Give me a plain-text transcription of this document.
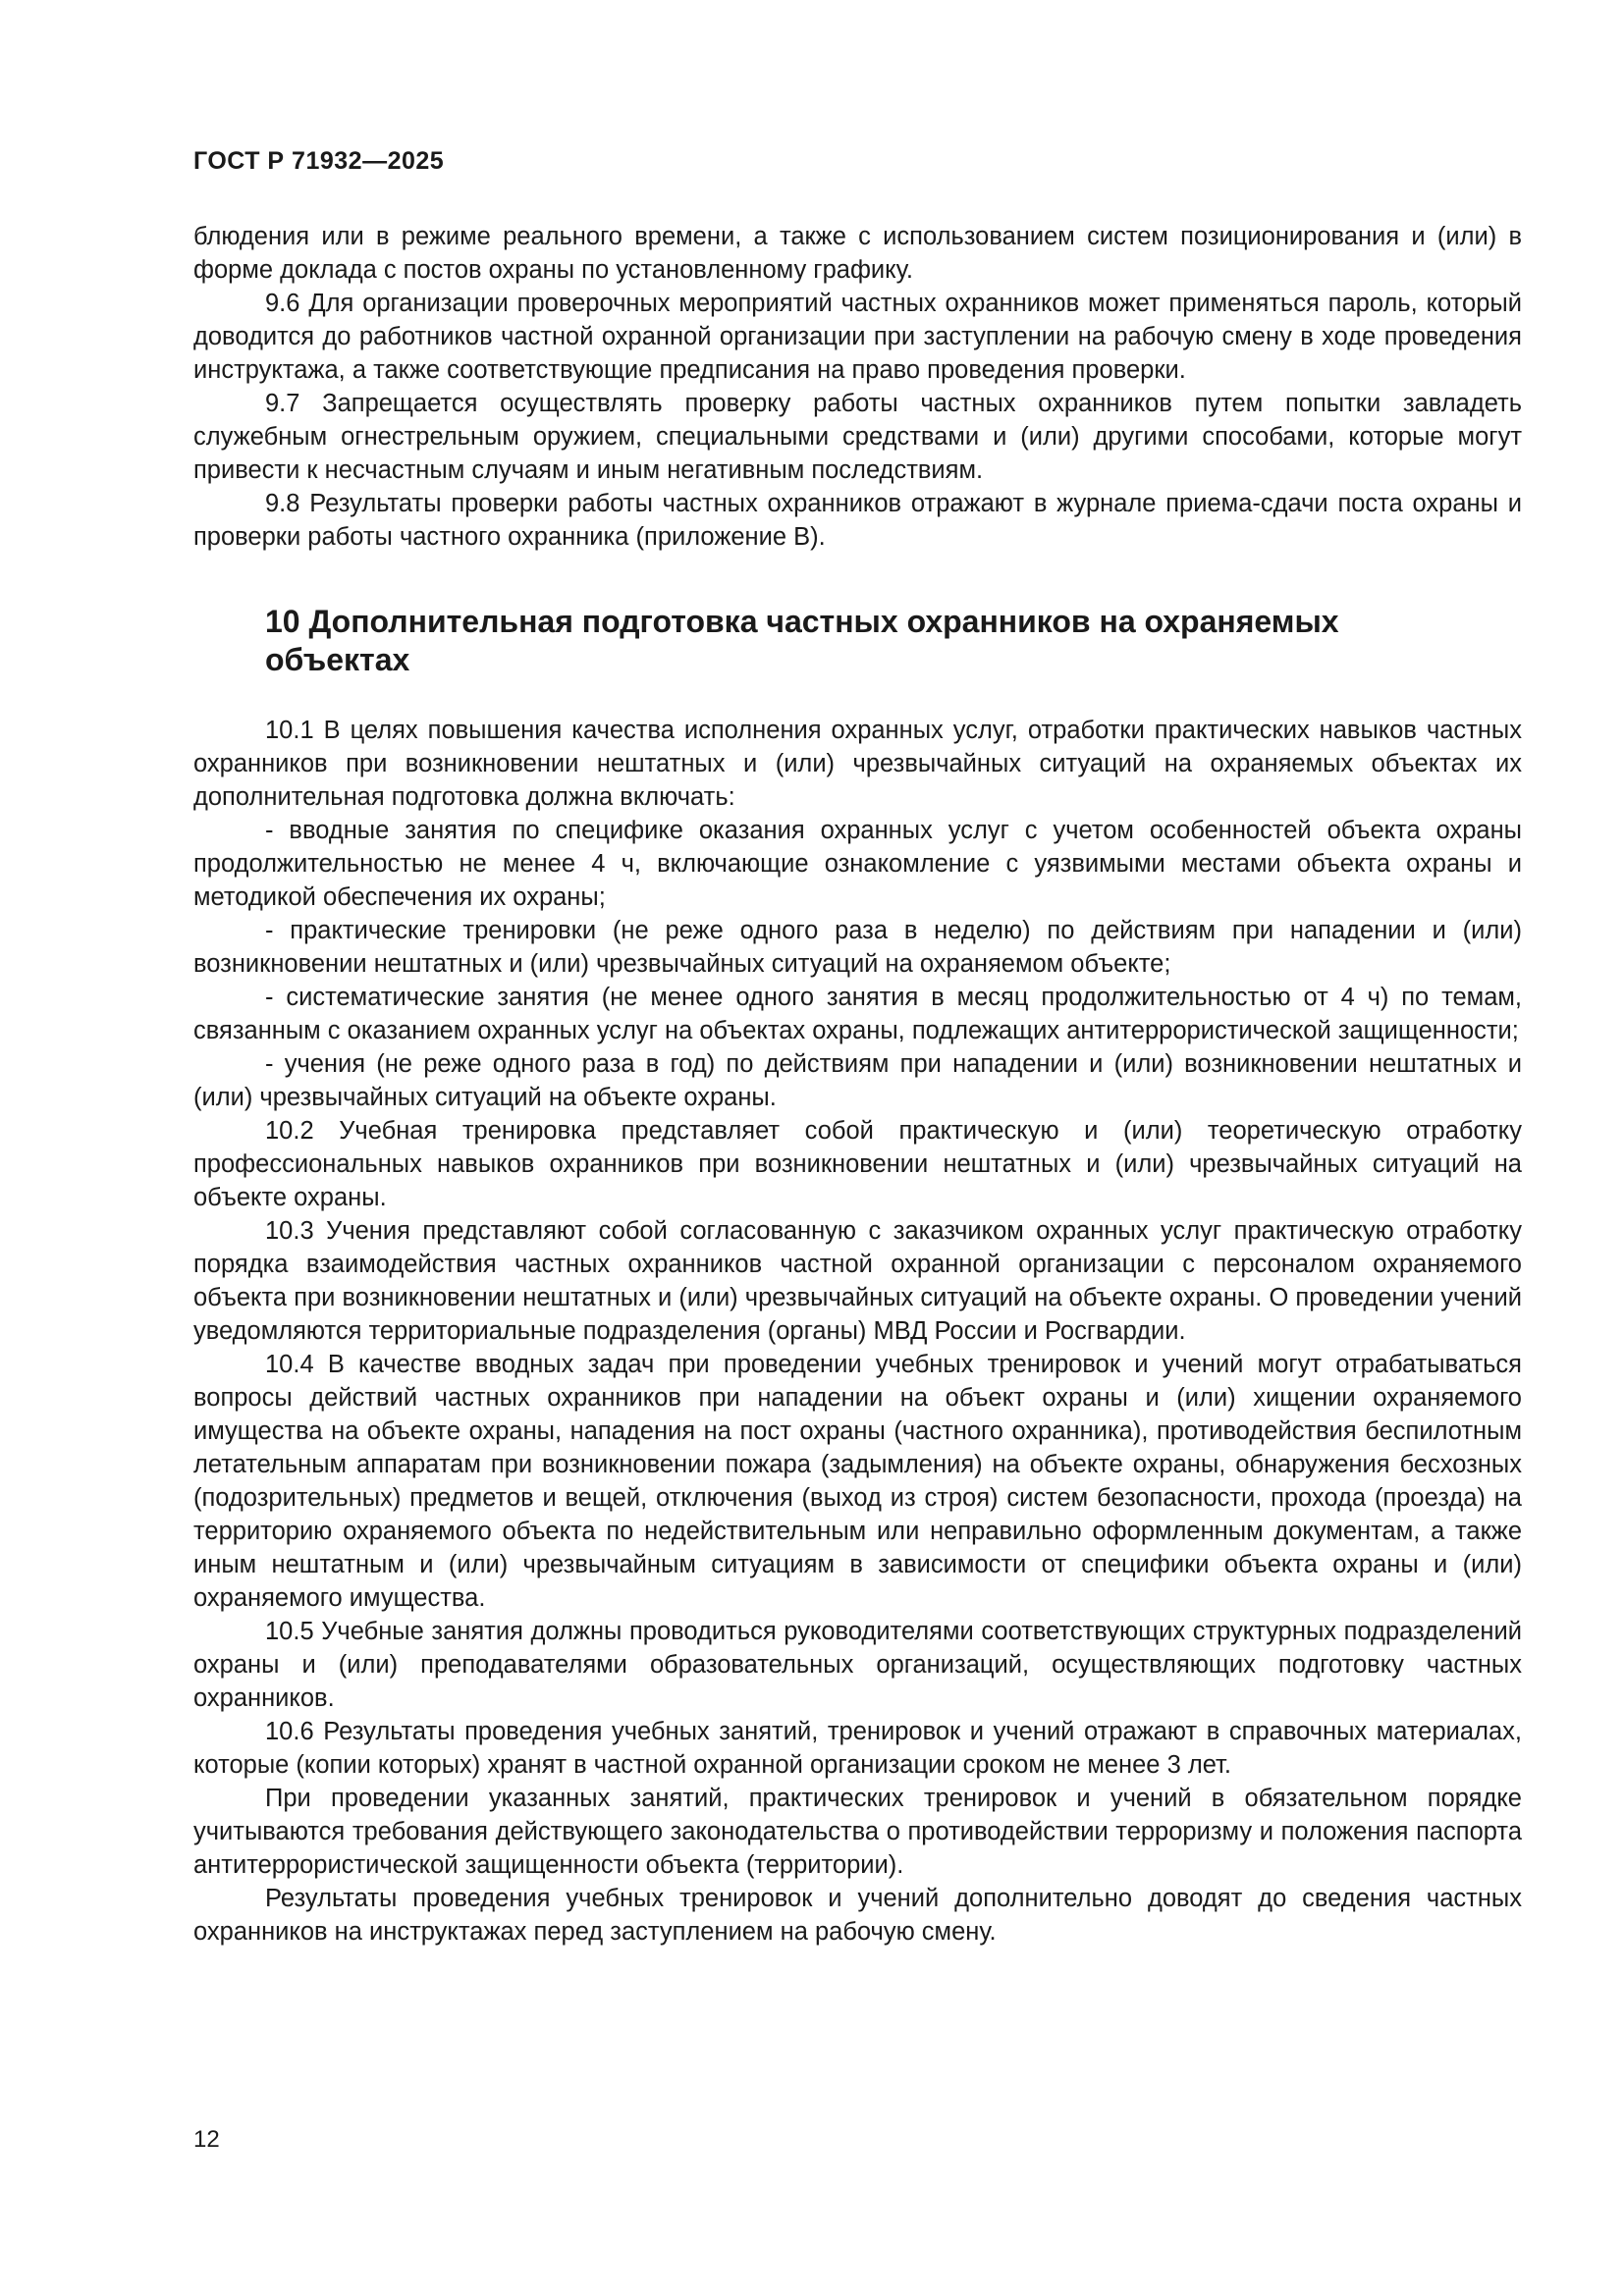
ГОСТ Р 71932—2025

блюдения или в режиме реального времени, а также с использованием систем позиционирования и (или) в форме доклада с постов охраны по установленному графику.

9.6 Для организации проверочных мероприятий частных охранников может применяться пароль, который доводится до работников частной охранной организации при заступлении на рабочую смену в ходе проведения инструктажа, а также соответствующие предписания на право проведения проверки.

9.7 Запрещается осуществлять проверку работы частных охранников путем попытки завладеть служебным огнестрельным оружием, специальными средствами и (или) другими способами, которые могут привести к несчастным случаям и иным негативным последствиям.

9.8 Результаты проверки работы частных охранников отражают в журнале приема-сдачи поста охраны и проверки работы частного охранника (приложение В).

10 Дополнительная подготовка частных охранников на охраняемых объектах

10.1 В целях повышения качества исполнения охранных услуг, отработки практических навыков частных охранников при возникновении нештатных и (или) чрезвычайных ситуаций на охраняемых объектах их дополнительная подготовка должна включать:

- вводные занятия по специфике оказания охранных услуг с учетом особенностей объекта охраны продолжительностью не менее 4 ч, включающие ознакомление с уязвимыми местами объекта охраны и методикой обеспечения их охраны;

- практические тренировки (не реже одного раза в неделю) по действиям при нападении и (или) возникновении нештатных и (или) чрезвычайных ситуаций на охраняемом объекте;

- систематические занятия (не менее одного занятия в месяц продолжительностью от 4 ч) по темам, связанным с оказанием охранных услуг на объектах охраны, подлежащих антитеррористической защищенности;

- учения (не реже одного раза в год) по действиям при нападении и (или) возникновении нештатных и (или) чрезвычайных ситуаций на объекте охраны.

10.2 Учебная тренировка представляет собой практическую и (или) теоретическую отработку профессиональных навыков охранников при возникновении нештатных и (или) чрезвычайных ситуаций на объекте охраны.

10.3 Учения представляют собой согласованную с заказчиком охранных услуг практическую отработку порядка взаимодействия частных охранников частной охранной организации с персоналом охраняемого объекта при возникновении нештатных и (или) чрезвычайных ситуаций на объекте охраны. О проведении учений уведомляются территориальные подразделения (органы) МВД России и Росгвардии.

10.4 В качестве вводных задач при проведении учебных тренировок и учений могут отрабатываться вопросы действий частных охранников при нападении на объект охраны и (или) хищении охраняемого имущества на объекте охраны, нападения на пост охраны (частного охранника), противодействия беспилотным летательным аппаратам при возникновении пожара (задымления) на объекте охраны, обнаружения бесхозных (подозрительных) предметов и вещей, отключения (выход из строя) систем безопасности, прохода (проезда) на территорию охраняемого объекта по недействительным или неправильно оформленным документам, а также иным нештатным и (или) чрезвычайным ситуациям в зависимости от специфики объекта охраны и (или) охраняемого имущества.

10.5 Учебные занятия должны проводиться руководителями соответствующих структурных подразделений охраны и (или) преподавателями образовательных организаций, осуществляющих подготовку частных охранников.

10.6 Результаты проведения учебных занятий, тренировок и учений отражают в справочных материалах, которые (копии которых) хранят в частной охранной организации сроком не менее 3 лет.

При проведении указанных занятий, практических тренировок и учений в обязательном порядке учитываются требования действующего законодательства о противодействии терроризму и положения паспорта антитеррористической защищенности объекта (территории).

Результаты проведения учебных тренировок и учений дополнительно доводят до сведения частных охранников на инструктажах перед заступлением на рабочую смену.

12
